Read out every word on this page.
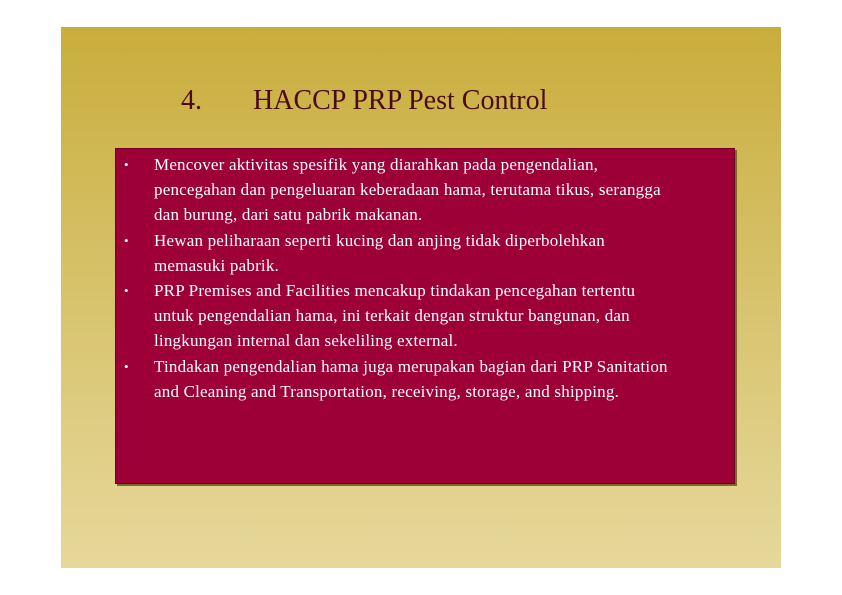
4. HACCP PRP Pest Control
• Mencover aktivitas spesifik yang diarahkan pada pengendalian, pencegahan dan pengeluaran keberadaan hama, terutama tikus, serangga dan burung, dari satu pabrik makanan.
• Hewan peliharaan seperti kucing dan anjing tidak diperbolehkan memasuki pabrik.
• PRP Premises and Facilities mencakup tindakan pencegahan tertentu untuk pengendalian hama, ini terkait dengan struktur bangunan, dan lingkungan internal dan sekeliling external.
• Tindakan pengendalian hama juga merupakan bagian dari PRP Sanitation and Cleaning and Transportation, receiving, storage, and shipping.
